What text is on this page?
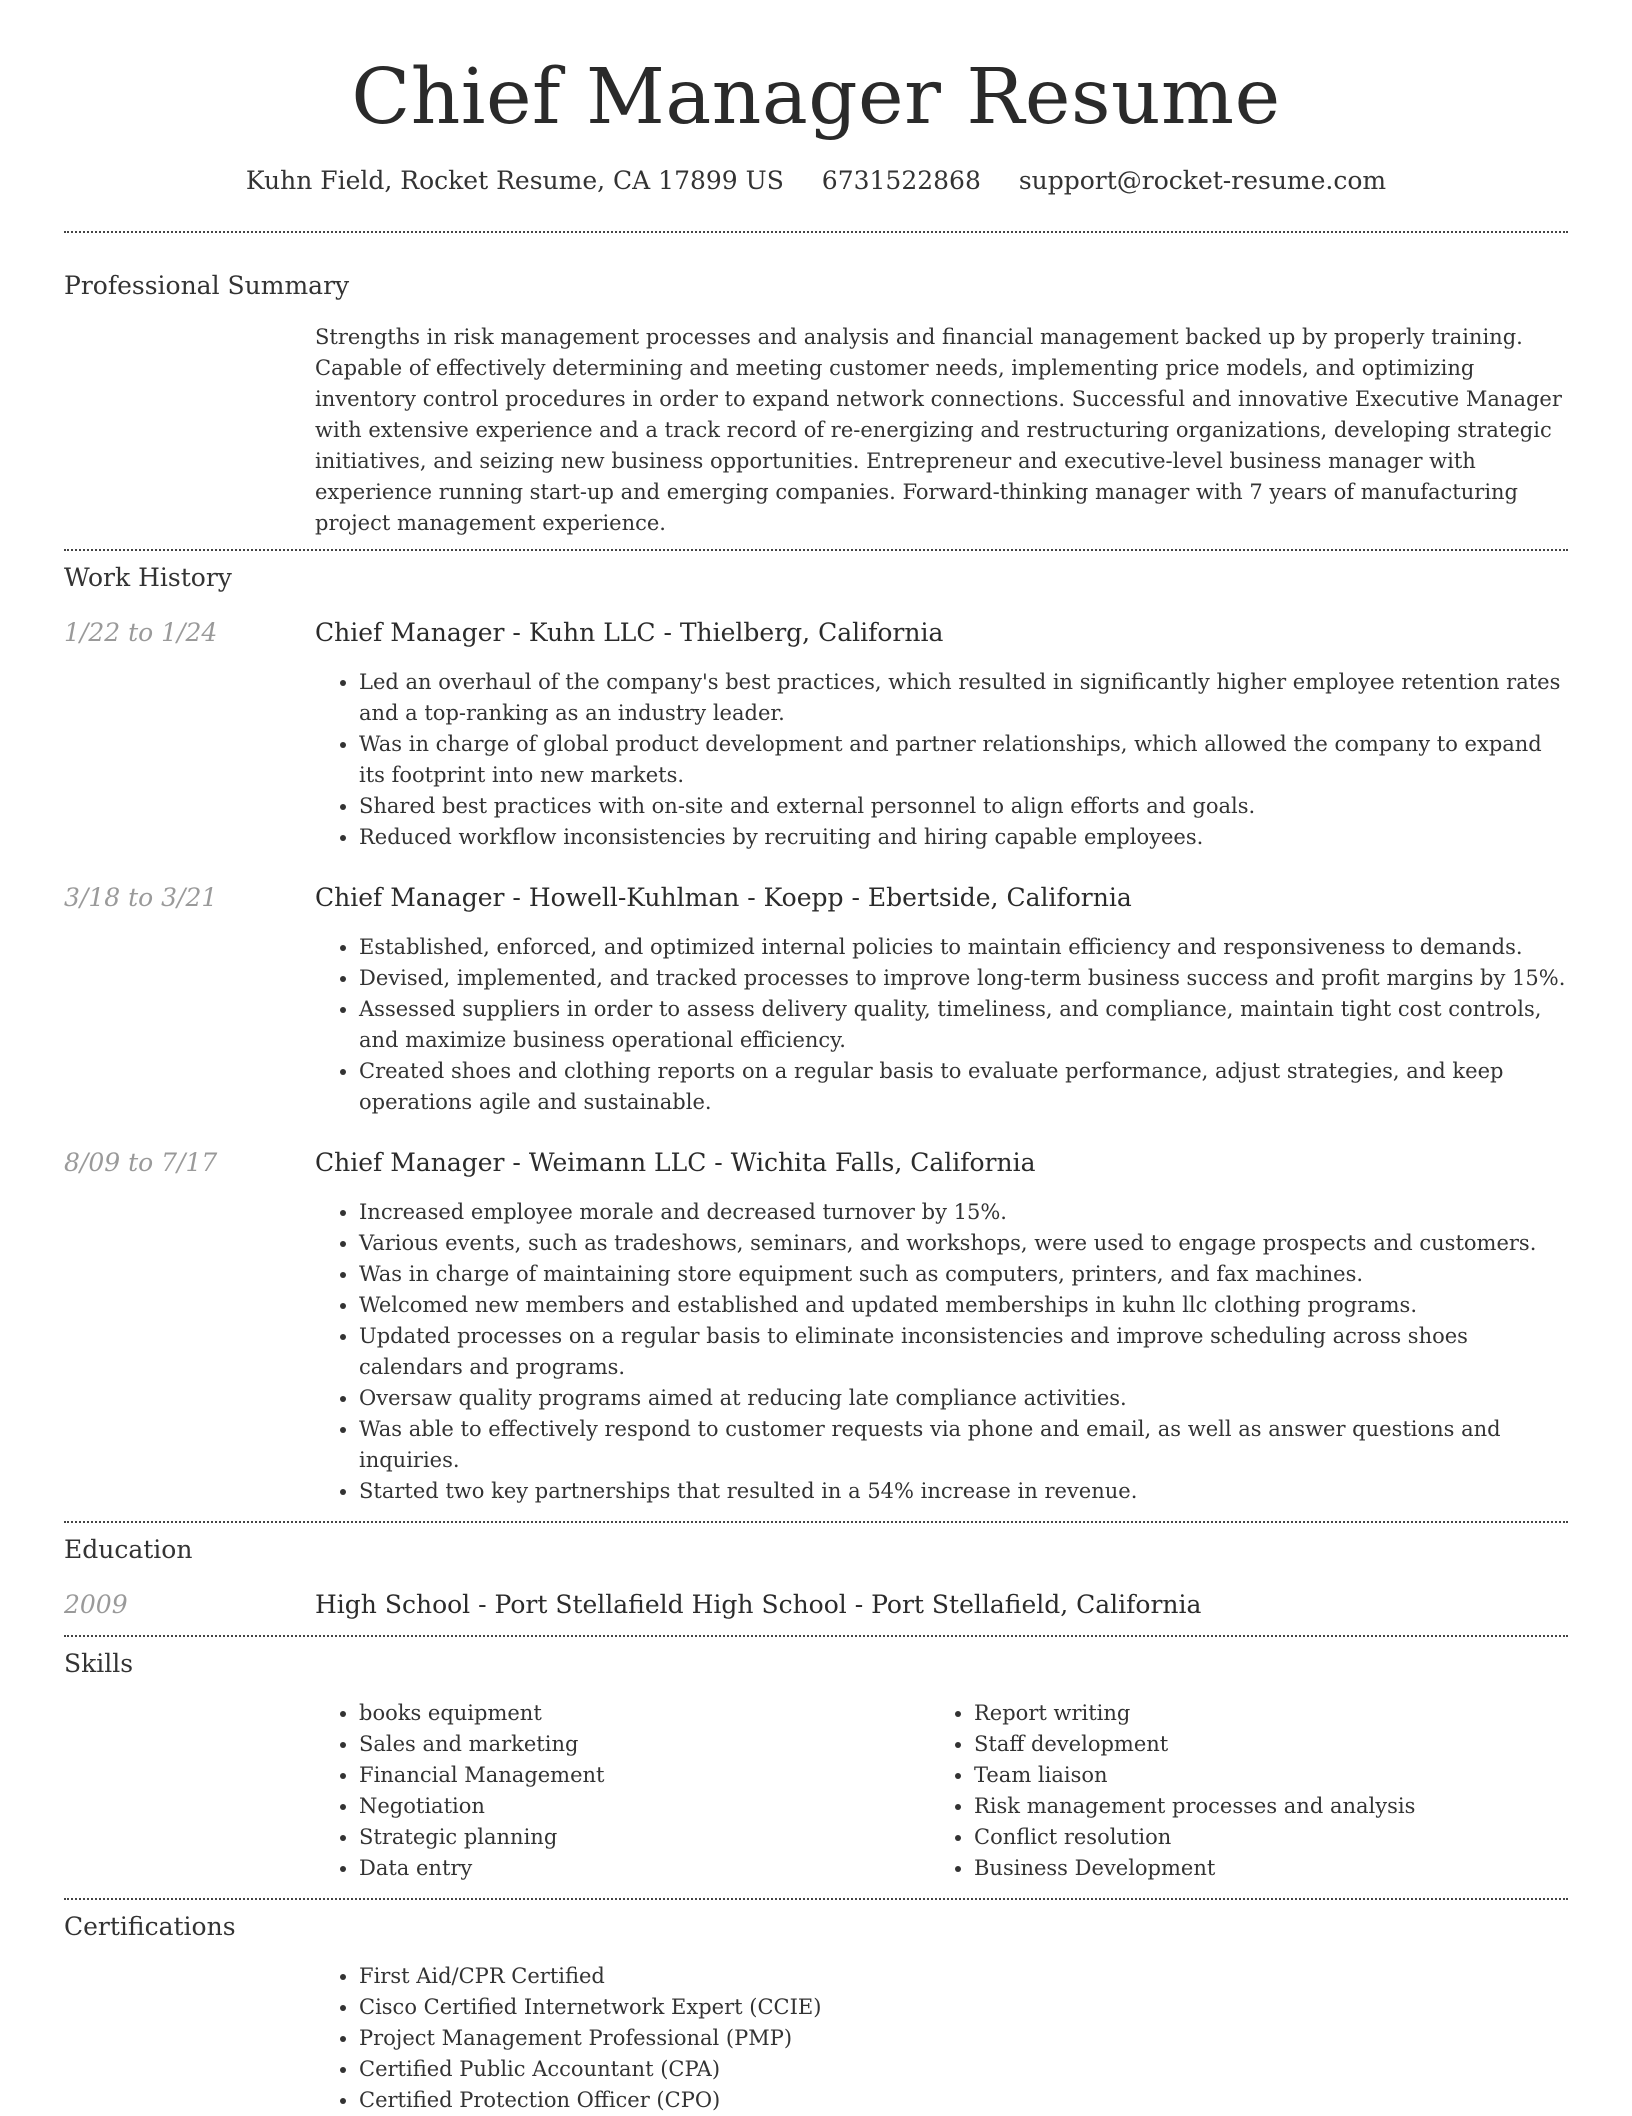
Chief Manager Resume
Kuhn Field, Rocket Resume, CA 17899 US 6731522868 support@rocket-resume.com
Professional Summary
Strengths in risk management processes and analysis and financial management backed up by properly training. Capable of effectively determining and meeting customer needs, implementing price models, and optimizing inventory control procedures in order to expand network connections. Successful and innovative Executive Manager with extensive experience and a track record of re-energizing and restructuring organizations, developing strategic initiatives, and seizing new business opportunities. Entrepreneur and executive-level business manager with experience running start-up and emerging companies. Forward-thinking manager with 7 years of manufacturing project management experience.
Work History
1/22 to 1/24	Chief Manager - Kuhn LLC - Thielberg, California
• Led an overhaul of the company's best practices, which resulted in significantly higher employee retention rates and a top-ranking as an industry leader.
• Was in charge of global product development and partner relationships, which allowed the company to expand its footprint into new markets.
• Shared best practices with on-site and external personnel to align efforts and goals.
• Reduced workflow inconsistencies by recruiting and hiring capable employees.
3/18 to 3/21	Chief Manager - Howell-Kuhlman - Koepp - Ebertside, California
• Established, enforced, and optimized internal policies to maintain efficiency and responsiveness to demands.
• Devised, implemented, and tracked processes to improve long-term business success and profit margins by 15%.
• Assessed suppliers in order to assess delivery quality, timeliness, and compliance, maintain tight cost controls, and maximize business operational efficiency.
• Created shoes and clothing reports on a regular basis to evaluate performance, adjust strategies, and keep operations agile and sustainable.
8/09 to 7/17	Chief Manager - Weimann LLC - Wichita Falls, California
• Increased employee morale and decreased turnover by 15%.
• Various events, such as tradeshows, seminars, and workshops, were used to engage prospects and customers.
• Was in charge of maintaining store equipment such as computers, printers, and fax machines.
• Welcomed new members and established and updated memberships in kuhn llc clothing programs.
• Updated processes on a regular basis to eliminate inconsistencies and improve scheduling across shoes calendars and programs.
• Oversaw quality programs aimed at reducing late compliance activities.
• Was able to effectively respond to customer requests via phone and email, as well as answer questions and inquiries.
• Started two key partnerships that resulted in a 54% increase in revenue.
Education
2009	High School - Port Stellafield High School - Port Stellafield, California
Skills
• books equipment
• Sales and marketing
• Financial Management
• Negotiation
• Strategic planning
• Data entry
• Report writing
• Staff development
• Team liaison
• Risk management processes and analysis
• Conflict resolution
• Business Development
Certifications
• First Aid/CPR Certified
• Cisco Certified Internetwork Expert (CCIE)
• Project Management Professional (PMP)
• Certified Public Accountant (CPA)
• Certified Protection Officer (CPO)
